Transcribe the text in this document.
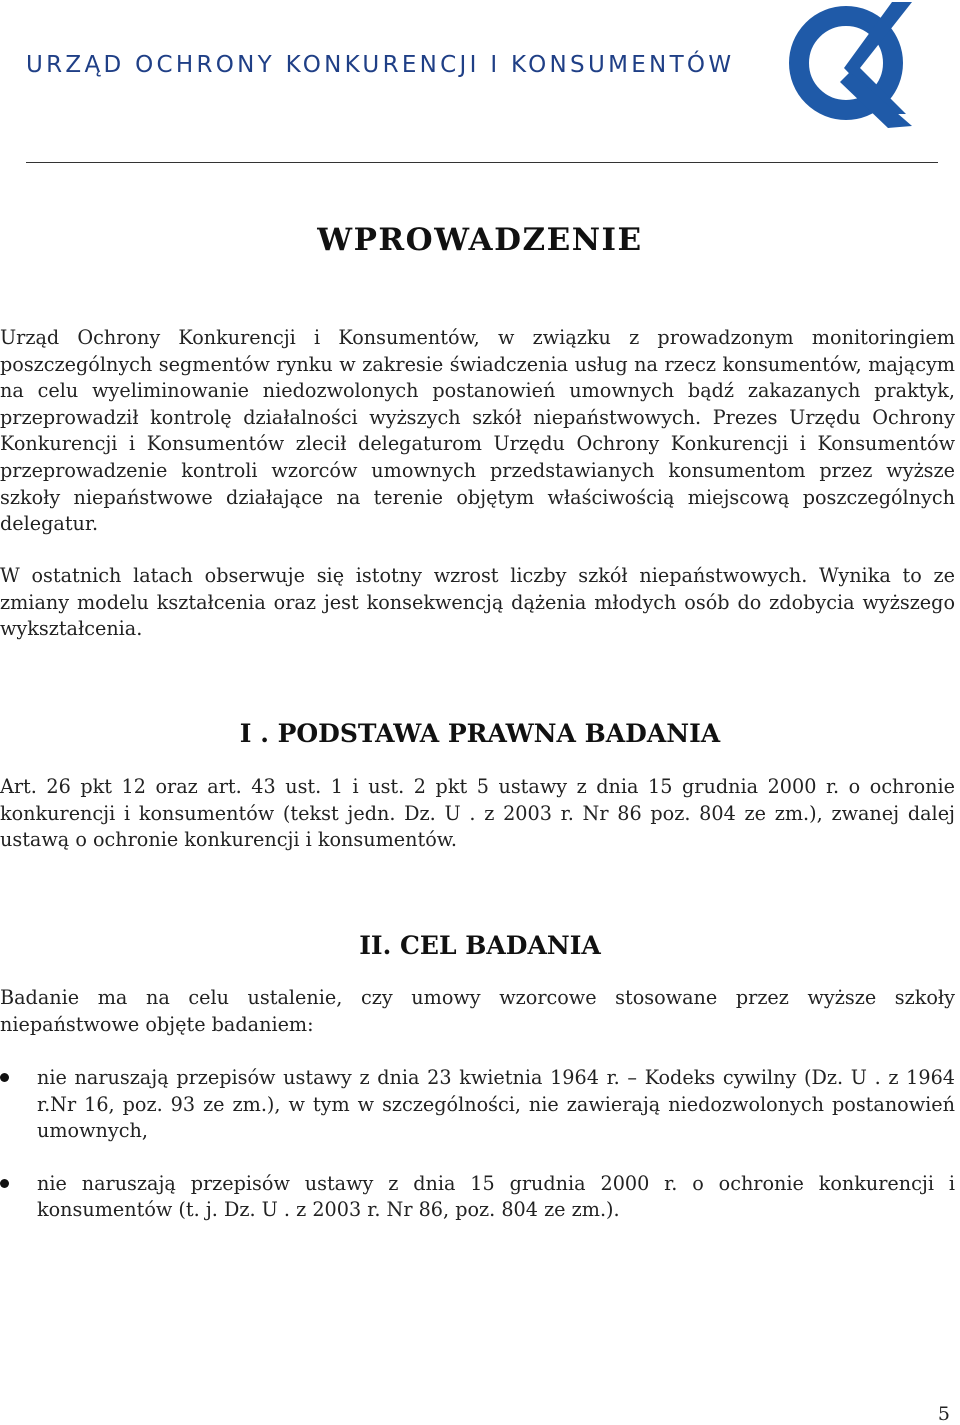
URZĄD OCHRONY KONKURENCJI I KONSUMENTÓW
WPROWADZENIE

Urząd Ochrony Konkurencji i Konsumentów, w związku z prowadzonym monitoringiem poszczególnych segmentów rynku w zakresie świadczenia usług na rzecz konsumentów, mającym na celu wyeliminowanie niedozwolonych postanowień umownych bądź zakazanych praktyk, przeprowadził kontrolę działalności wyższych szkół niepaństwowych. Prezes Urzędu Ochrony Konkurencji i Konsumentów zlecił delegaturom Urzędu Ochrony Konkurencji i Konsumentów przeprowadzenie kontroli wzorców umownych przedstawianych konsumentom przez wyższe szkoły niepaństwowe działające na terenie objętym właściwością miejscową poszczególnych delegatur.

W ostatnich latach obserwuje się istotny wzrost liczby szkół niepaństwowych. Wynika to ze zmiany modelu kształcenia oraz jest konsekwencją dążenia młodych osób do zdobycia wyższego wykształcenia.

I . PODSTAWA PRAWNA BADANIA

Art. 26 pkt 12 oraz art. 43 ust. 1 i ust. 2 pkt 5 ustawy z dnia 15 grudnia 2000 r. o ochronie konkurencji i konsumentów (tekst jedn. Dz. U . z 2003 r. Nr 86 poz. 804 ze zm.), zwanej dalej ustawą o ochronie konkurencji i konsumentów.

II. CEL BADANIA

Badanie ma na celu ustalenie, czy umowy wzorcowe stosowane przez wyższe szkoły niepaństwowe objęte badaniem:

nie naruszają przepisów ustawy z dnia 23 kwietnia 1964 r. – Kodeks cywilny (Dz. U . z 1964 r.Nr 16, poz. 93 ze zm.), w tym w szczególności, nie zawierają niedozwolonych postanowień umownych,
nie naruszają przepisów ustawy z dnia 15 grudnia 2000 r. o ochronie konkurencji i konsumentów (t. j. Dz. U . z 2003 r. Nr 86, poz. 804 ze zm.).
5
